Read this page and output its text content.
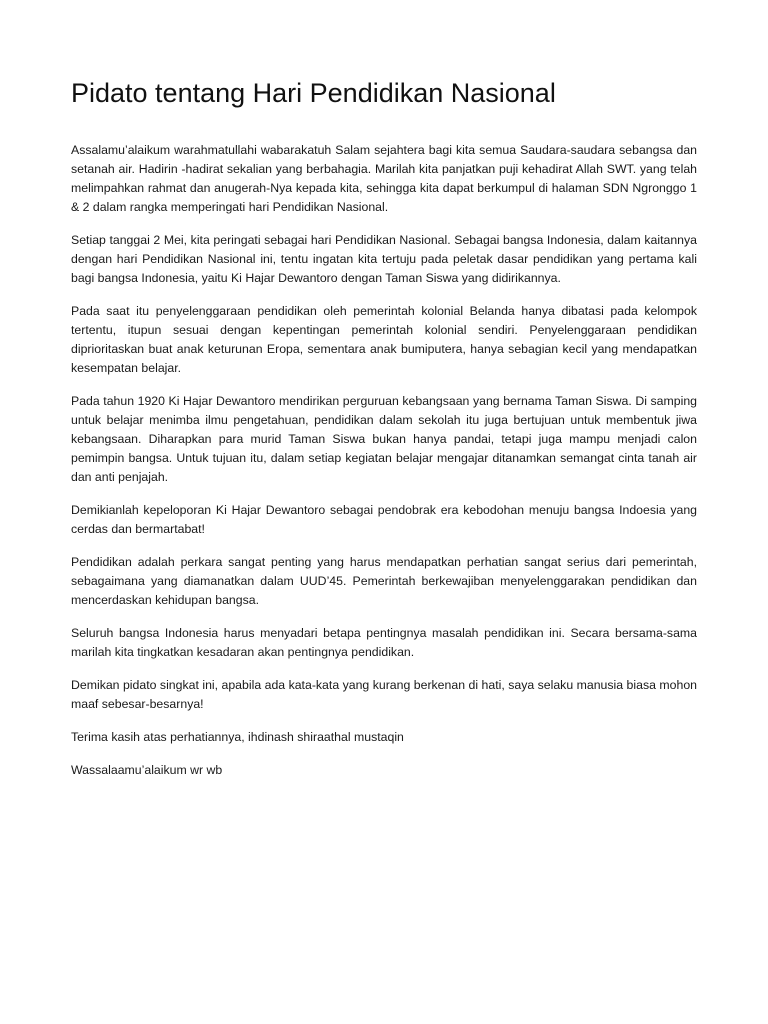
Pidato tentang Hari Pendidikan Nasional

Assalamu’alaikum warahmatullahi wabarakatuh Salam sejahtera bagi kita semua Saudara-saudara sebangsa dan setanah air. Hadirin -hadirat sekalian yang berbahagia. Marilah kita panjatkan puji kehadirat Allah SWT. yang telah melimpahkan rahmat dan anugerah-Nya kepada kita, sehingga kita dapat berkumpul di halaman SDN Ngronggo 1 & 2 dalam rangka memperingati hari Pendidikan Nasional.

Setiap tanggai 2 Mei, kita peringati sebagai hari Pendidikan Nasional. Sebagai bangsa Indonesia, dalam kaitannya dengan hari Pendidikan Nasional ini, tentu ingatan kita tertuju pada peletak dasar pendidikan yang pertama kali bagi bangsa Indonesia, yaitu Ki Hajar Dewantoro dengan Taman Siswa yang didirikannya.

Pada saat itu penyelenggaraan pendidikan oleh pemerintah kolonial Belanda hanya dibatasi pada kelompok tertentu, itupun sesuai dengan kepentingan pemerintah kolonial sendiri. Penyelenggaraan pendidikan diprioritaskan buat anak keturunan Eropa, sementara anak bumiputera, hanya sebagian kecil yang mendapatkan kesempatan belajar.

Pada tahun 1920 Ki Hajar Dewantoro mendirikan perguruan kebangsaan yang bernama Taman Siswa. Di samping untuk belajar menimba ilmu pengetahuan, pendidikan dalam sekolah itu juga bertujuan untuk membentuk jiwa kebangsaan. Diharapkan para murid Taman Siswa bukan hanya pandai, tetapi juga mampu menjadi calon pemimpin bangsa. Untuk tujuan itu, dalam setiap kegiatan belajar mengajar ditanamkan semangat cinta tanah air dan anti penjajah.

Demikianlah kepeloporan Ki Hajar Dewantoro sebagai pendobrak era kebodohan menuju bangsa Indoesia yang cerdas dan bermartabat!

Pendidikan adalah perkara sangat penting yang harus mendapatkan perhatian sangat serius dari pemerintah, sebagaimana yang diamanatkan dalam UUD’45. Pemerintah berkewajiban menyelenggarakan pendidikan dan mencerdaskan kehidupan bangsa.

Seluruh bangsa Indonesia harus menyadari betapa pentingnya masalah pendidikan ini. Secara bersama-sama marilah kita tingkatkan kesadaran akan pentingnya pendidikan.

Demikan pidato singkat ini, apabila ada kata-kata yang kurang berkenan di hati, saya selaku manusia biasa mohon maaf sebesar-besarnya!

Terima kasih atas perhatiannya, ihdinash shiraathal mustaqin

Wassalaamu’alaikum wr wb
